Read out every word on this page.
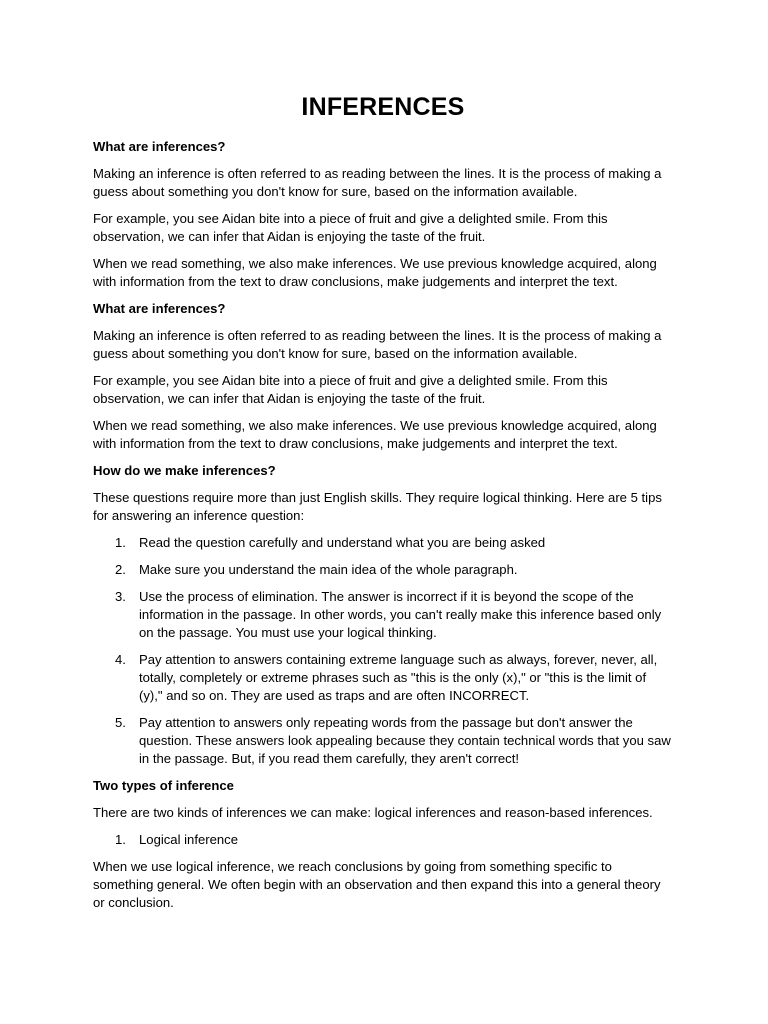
INFERENCES
What are inferences?

Making an inference is often referred to as reading between the lines. It is the process of making a guess about something you don't know for sure, based on the information available.

For example, you see Aidan bite into a piece of fruit and give a delighted smile. From this observation, we can infer that Aidan is enjoying the taste of the fruit.

When we read something, we also make inferences. We use previous knowledge acquired, along with information from the text to draw conclusions, make judgements and interpret the text.

What are inferences?

Making an inference is often referred to as reading between the lines. It is the process of making a guess about something you don't know for sure, based on the information available.

For example, you see Aidan bite into a piece of fruit and give a delighted smile. From this observation, we can infer that Aidan is enjoying the taste of the fruit.

When we read something, we also make inferences. We use previous knowledge acquired, along with information from the text to draw conclusions, make judgements and interpret the text.

How do we make inferences?

These questions require more than just English skills. They require logical thinking. Here are 5 tips for answering an inference question:

1. Read the question carefully and understand what you are being asked
2. Make sure you understand the main idea of the whole paragraph.
3. Use the process of elimination. The answer is incorrect if it is beyond the scope of the information in the passage. In other words, you can't really make this inference based only on the passage. You must use your logical thinking.
4. Pay attention to answers containing extreme language such as always, forever, never, all, totally, completely or extreme phrases such as "this is the only (x)," or "this is the limit of (y)," and so on. They are used as traps and are often INCORRECT.
5. Pay attention to answers only repeating words from the passage but don't answer the question. These answers look appealing because they contain technical words that you saw in the passage. But, if you read them carefully, they aren't correct!
Two types of inference

There are two kinds of inferences we can make: logical inferences and reason-based inferences.

1. Logical inference

When we use logical inference, we reach conclusions by going from something specific to something general. We often begin with an observation and then expand this into a general theory or conclusion.
